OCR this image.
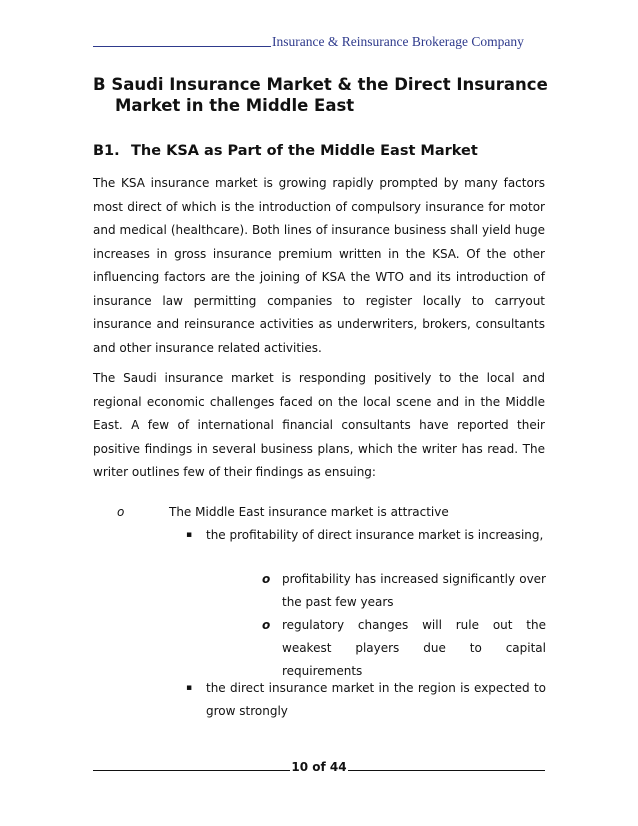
Insurance & Reinsurance Brokerage Company
B Saudi Insurance Market & the Direct Insurance
Market in the Middle East
B1. The KSA as Part of the Middle East Market

The KSA insurance market is growing rapidly prompted by many factors most direct of which is the introduction of compulsory insurance for motor and medical (healthcare). Both lines of insurance business shall yield huge increases in gross insurance premium written in the KSA. Of the other influencing factors are the joining of KSA the WTO and its introduction of insurance law permitting companies to register locally to carryout insurance and reinsurance activities as underwriters, brokers, consultants and other insurance related activities.

The Saudi insurance market is responding positively to the local and regional economic challenges faced on the local scene and in the Middle East. A few of international financial consultants have reported their positive findings in several business plans, which the writer has read. The writer outlines few of their findings as ensuing:

o	The Middle East insurance market is attractive
▪ the profitability of direct insurance market is increasing,
o profitability has increased significantly over the past few years
o regulatory changes will rule out the weakest players due to capital requirements
▪ the direct insurance market in the region is expected to grow strongly
10 of 44
